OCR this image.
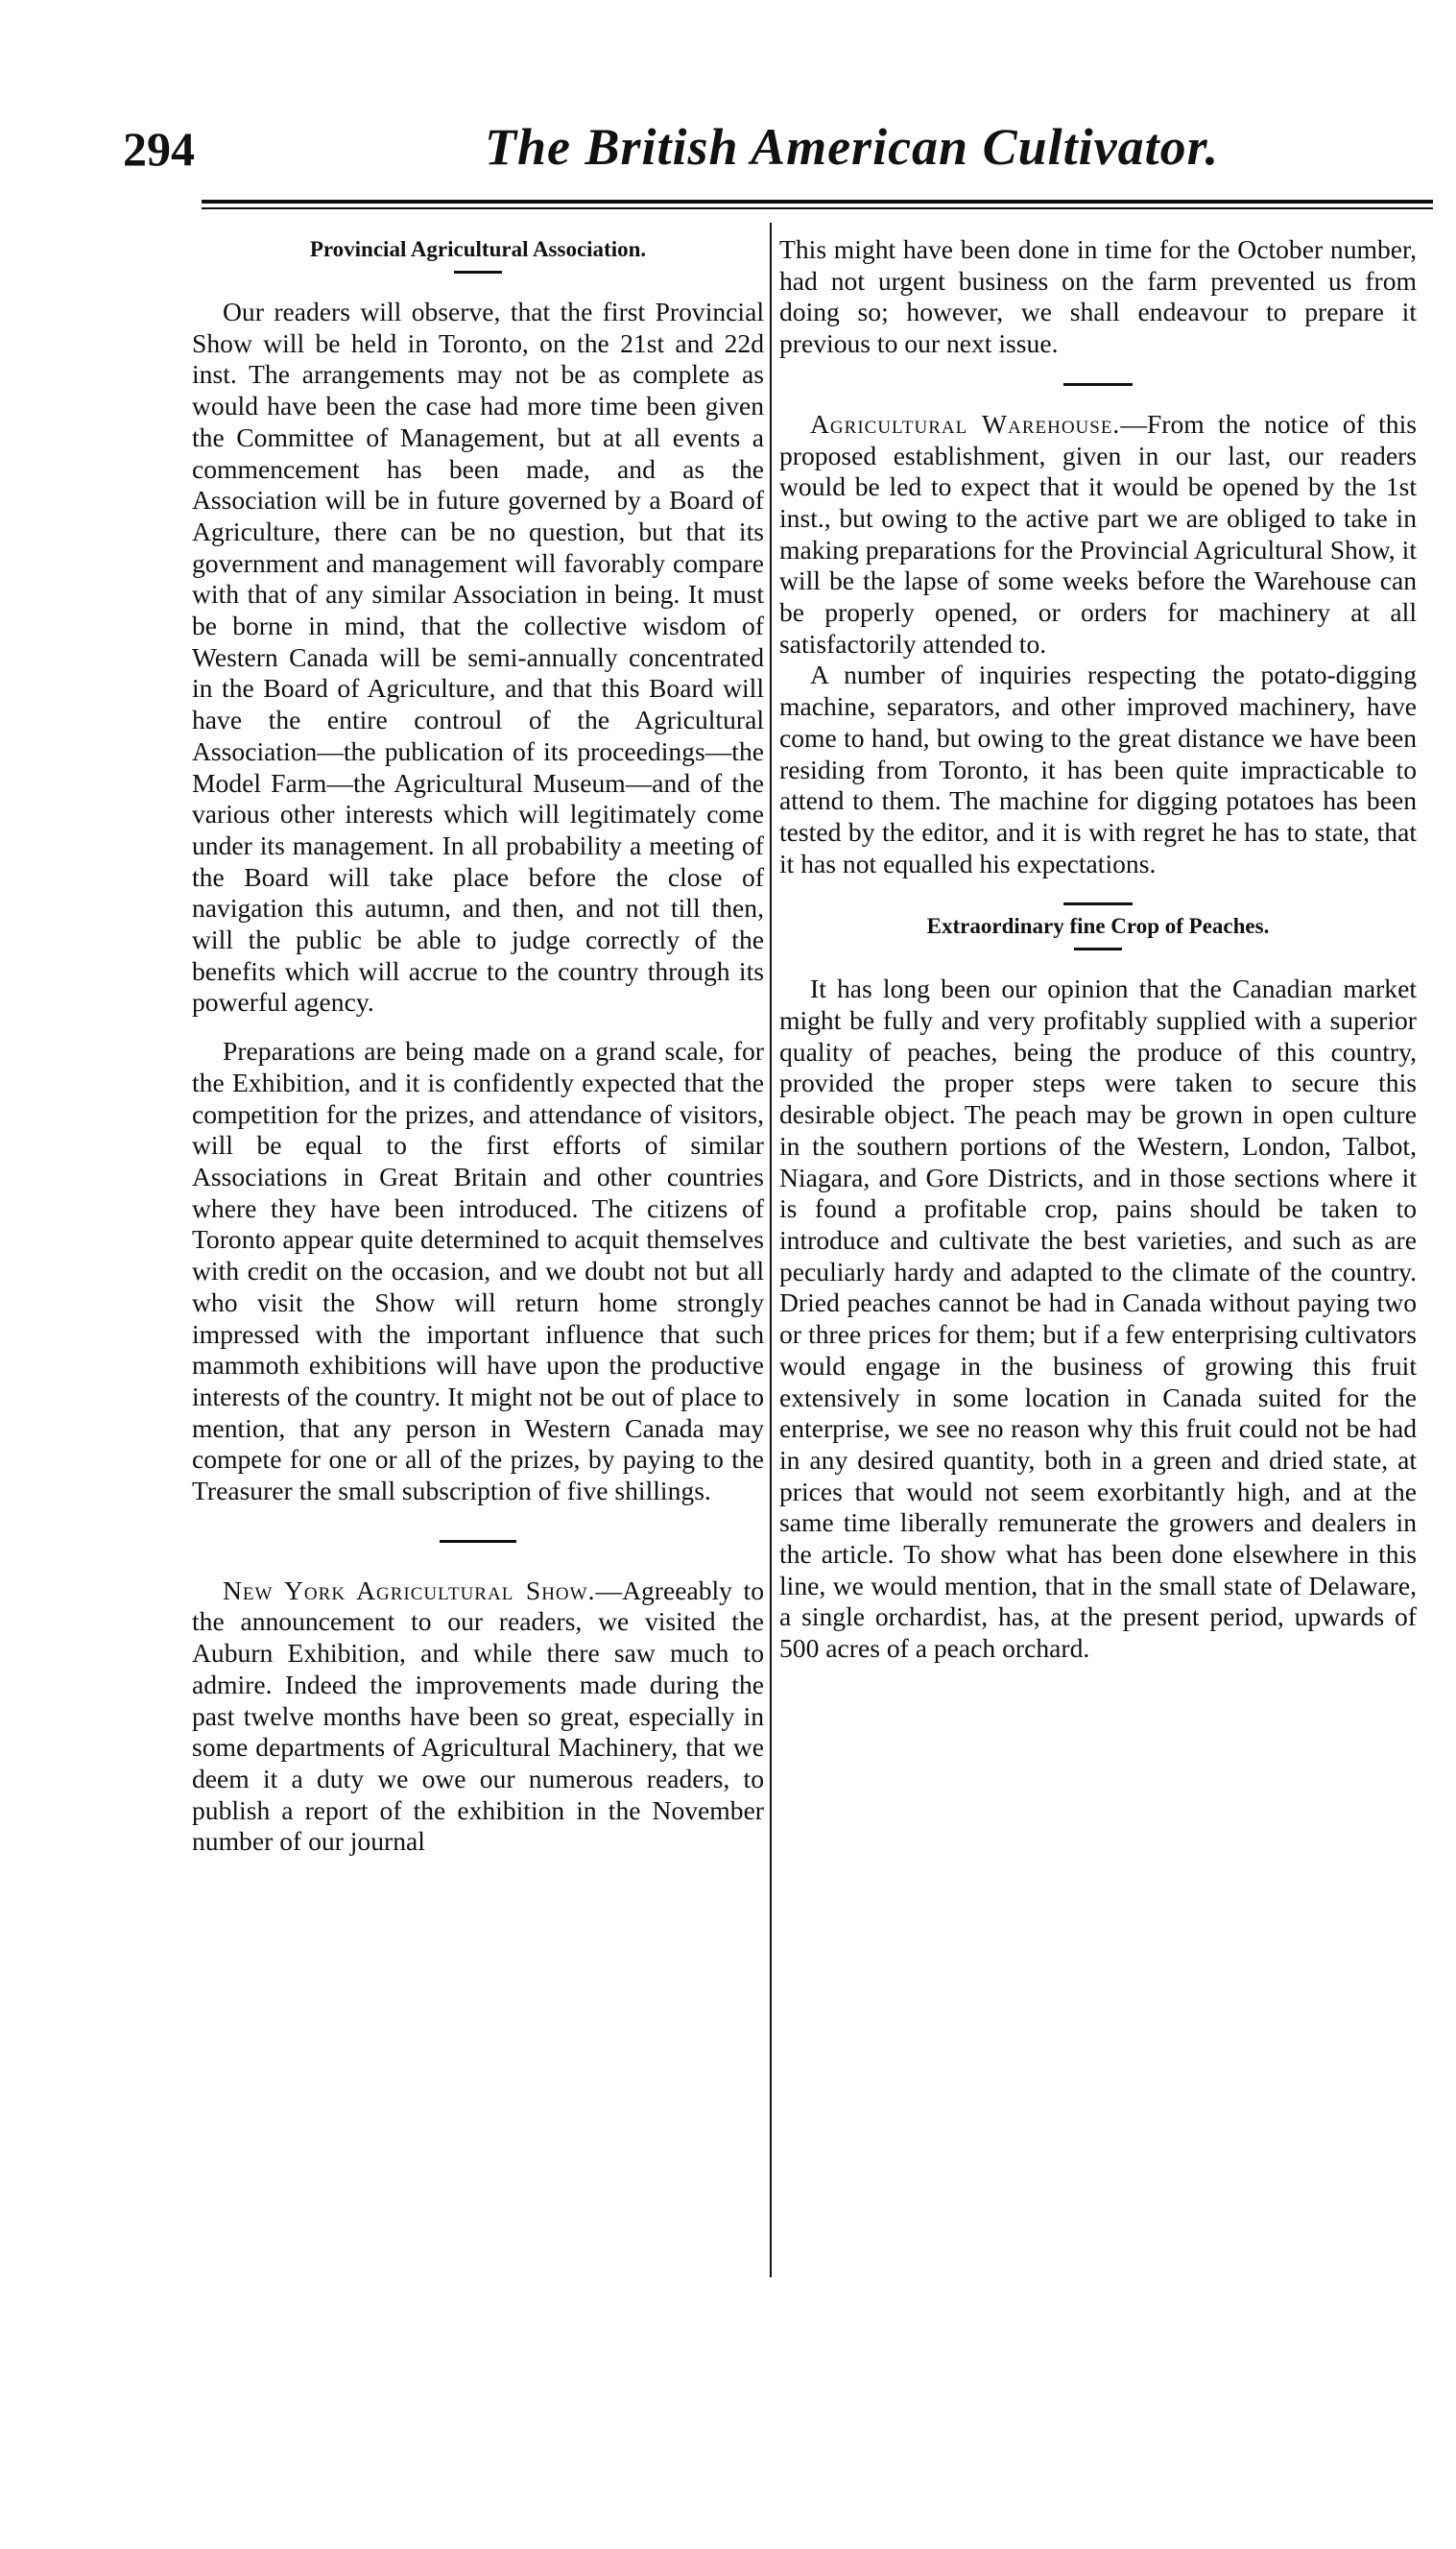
294	The British American Cultivator.

Provincial Agricultural Association.

Our readers will observe, that the first Provincial Show will be held in Toronto, on the 21st and 22d inst. The arrangements may not be as complete as would have been the case had more time been given the Committee of Management, but at all events a commencement has been made, and as the Association will be in future governed by a Board of Agriculture, there can be no question, but that its government and management will favorably compare with that of any similar Association in being. It must be borne in mind, that the collective wisdom of Western Canada will be semi-annually concentrated in the Board of Agriculture, and that this Board will have the entire controul of the Agricultural Association—the publication of its proceedings—the Model Farm—the Agricultural Museum—and of the various other interests which will legitimately come under its management. In all probability a meeting of the Board will take place before the close of navigation this autumn, and then, and not till then, will the public be able to judge correctly of the benefits which will accrue to the country through its powerful agency.

Preparations are being made on a grand scale, for the Exhibition, and it is confidently expected that the competition for the prizes, and attendance of visitors, will be equal to the first efforts of similar Associations in Great Britain and other countries where they have been introduced. The citizens of Toronto appear quite determined to acquit themselves with credit on the occasion, and we doubt not but all who visit the Show will return home strongly impressed with the important influence that such mammoth exhibitions will have upon the productive interests of the country. It might not be out of place to mention, that any person in Western Canada may compete for one or all of the prizes, by paying to the Treasurer the small subscription of five shillings.

New York Agricultural Show.—Agreeably to the announcement to our readers, we visited the Auburn Exhibition, and while there saw much to admire. Indeed the improvements made during the past twelve months have been so great, especially in some departments of Agricultural Machinery, that we deem it a duty we owe our numerous readers, to publish a report of the exhibition in the November number of our journal

This might have been done in time for the October number, had not urgent business on the farm prevented us from doing so; however, we shall endeavour to prepare it previous to our next issue.

Agricultural Warehouse.—From the notice of this proposed establishment, given in our last, our readers would be led to expect that it would be opened by the 1st inst., but owing to the active part we are obliged to take in making preparations for the Provincial Agricultural Show, it will be the lapse of some weeks before the Warehouse can be properly opened, or orders for machinery at all satisfactorily attended to.

A number of inquiries respecting the potato-digging machine, separators, and other improved machinery, have come to hand, but owing to the great distance we have been residing from Toronto, it has been quite impracticable to attend to them. The machine for digging potatoes has been tested by the editor, and it is with regret he has to state, that it has not equalled his expectations.

Extraordinary fine Crop of Peaches.

It has long been our opinion that the Canadian market might be fully and very profitably supplied with a superior quality of peaches, being the produce of this country, provided the proper steps were taken to secure this desirable object. The peach may be grown in open culture in the southern portions of the Western, London, Talbot, Niagara, and Gore Districts, and in those sections where it is found a profitable crop, pains should be taken to introduce and cultivate the best varieties, and such as are peculiarly hardy and adapted to the climate of the country. Dried peaches cannot be had in Canada without paying two or three prices for them; but if a few enterprising cultivators would engage in the business of growing this fruit extensively in some location in Canada suited for the enterprise, we see no reason why this fruit could not be had in any desired quantity, both in a green and dried state, at prices that would not seem exorbitantly high, and at the same time liberally remunerate the growers and dealers in the article. To show what has been done elsewhere in this line, we would mention, that in the small state of Delaware, a single orchardist, has, at the present period, upwards of 500 acres of a peach orchard.
